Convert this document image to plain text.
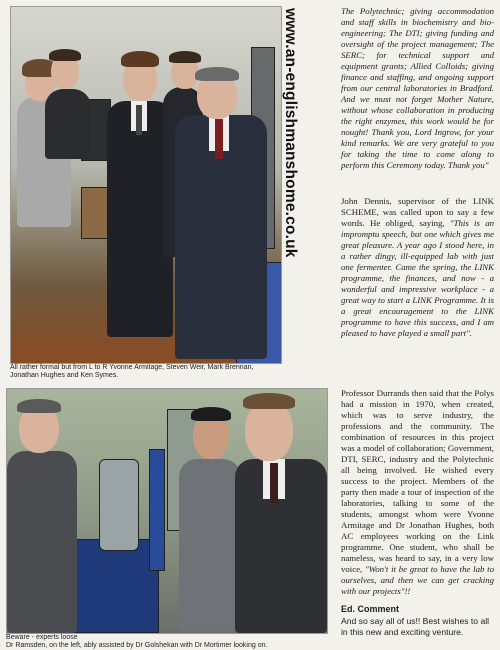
www.an-englishmanshome.co.uk
All rather formal but from L to R Yvonne Armitage, Steven Weir, Mark Brennan, Jonathan Hughes and Ken Symes.
Beware - experts loose
Dr Ramsden, on the left, ably assisted by Dr Golshekan with Dr Mortimer looking on.
The Polytechnic; giving accommodation and staff skills in biochemistry and bio-engineering; The DTI; giving funding and oversight of the project management; The SERC; for technical support and equipment grants; Allied Colloids; giving finance and staffing, and ongoing support from our central laboratories in Bradford. And we must not forget Mother Nature, without whose collaboration in producing the right enzymes, this work would be for nought! Thank you, Lord Ingrow, for your kind remarks. We are very grateful to you for taking the time to come along to perform this Ceremony today. Thank you"

John Dennis, supervisor of the LINK SCHEME, was called upon to say a few words. He obliged, saying, "This is an impromptu speech, but one which gives me great pleasure. A year ago I stood here, in a rather dingy, ill-equipped lab with just one fermenter. Came the spring, the LINK programme, the finances, and now - a wonderful and impressive workplace - a great way to start a LINK Programme. It is a great encouragement to the LINK programme to have this success, and I am pleased to have played a small part".

Professor Durrands then said that the Polys had a mission in 1970, when created, which was to serve industry, the professions and the community. The combination of resources in this project was a model of collaboration; Government, DTI, SERC, industry and the Polytechnic all being involved. He wished every success to the project. Members of the party then made a tour of inspection of the laboratories, talking to some of the students, amongst whom were Yvonne Armitage and Dr Jonathan Hughes, both AC employees working on the Link programme. One student, who shall be nameless, was heard to say, in a very low voice, "Won't it be great to have the lab to ourselves, and then we can get cracking with our projects"!!

Ed. Comment
And so say all of us!! Best wishes to all in this new and exciting venture.
